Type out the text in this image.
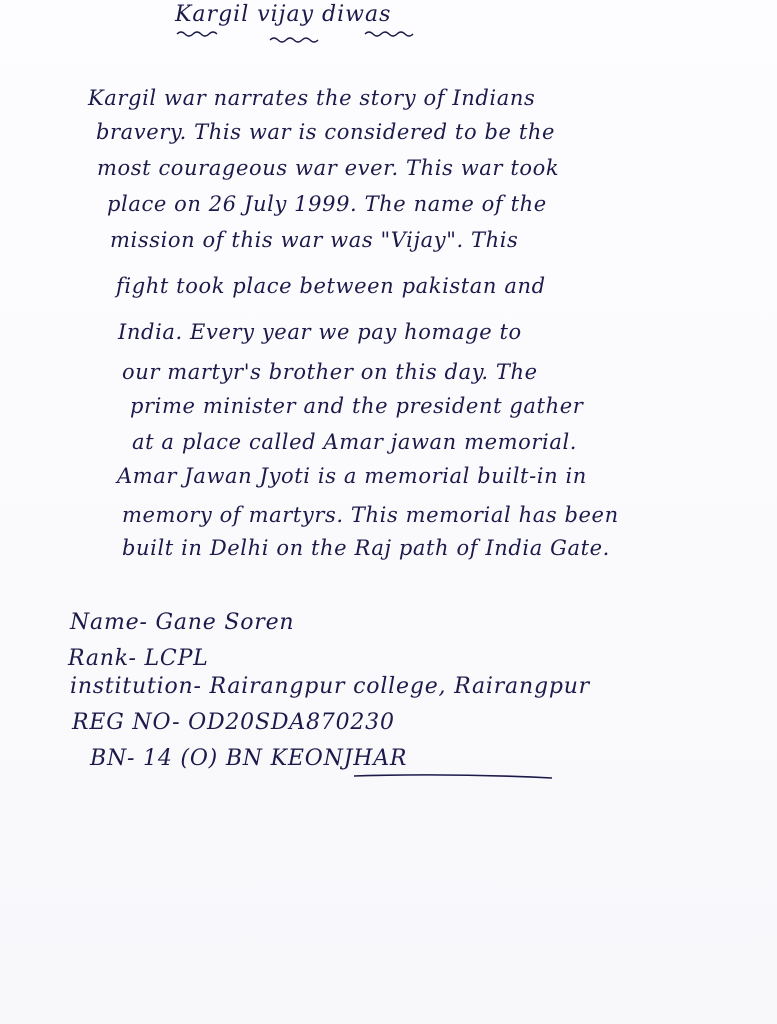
Kargil vijay diwas
Kargil war narrates the story of Indians
bravery. This war is considered to be the
most courageous war ever. This war took
place on 26 July 1999. The name of the
mission of this war was "Vijay". This
fight took place between pakistan and
India. Every year we pay homage to
our martyr's brother on this day. The
prime minister and the president gather
at a place called Amar jawan memorial.
Amar Jawan Jyoti is a memorial built-in in
memory of martyrs. This memorial has been
built in Delhi on the Raj path of India Gate.
Name- Gane Soren
Rank- LCPL
institution- Rairangpur college, Rairangpur
REG NO- OD20SDA870230
BN- 14 (O) BN KEONJHAR
